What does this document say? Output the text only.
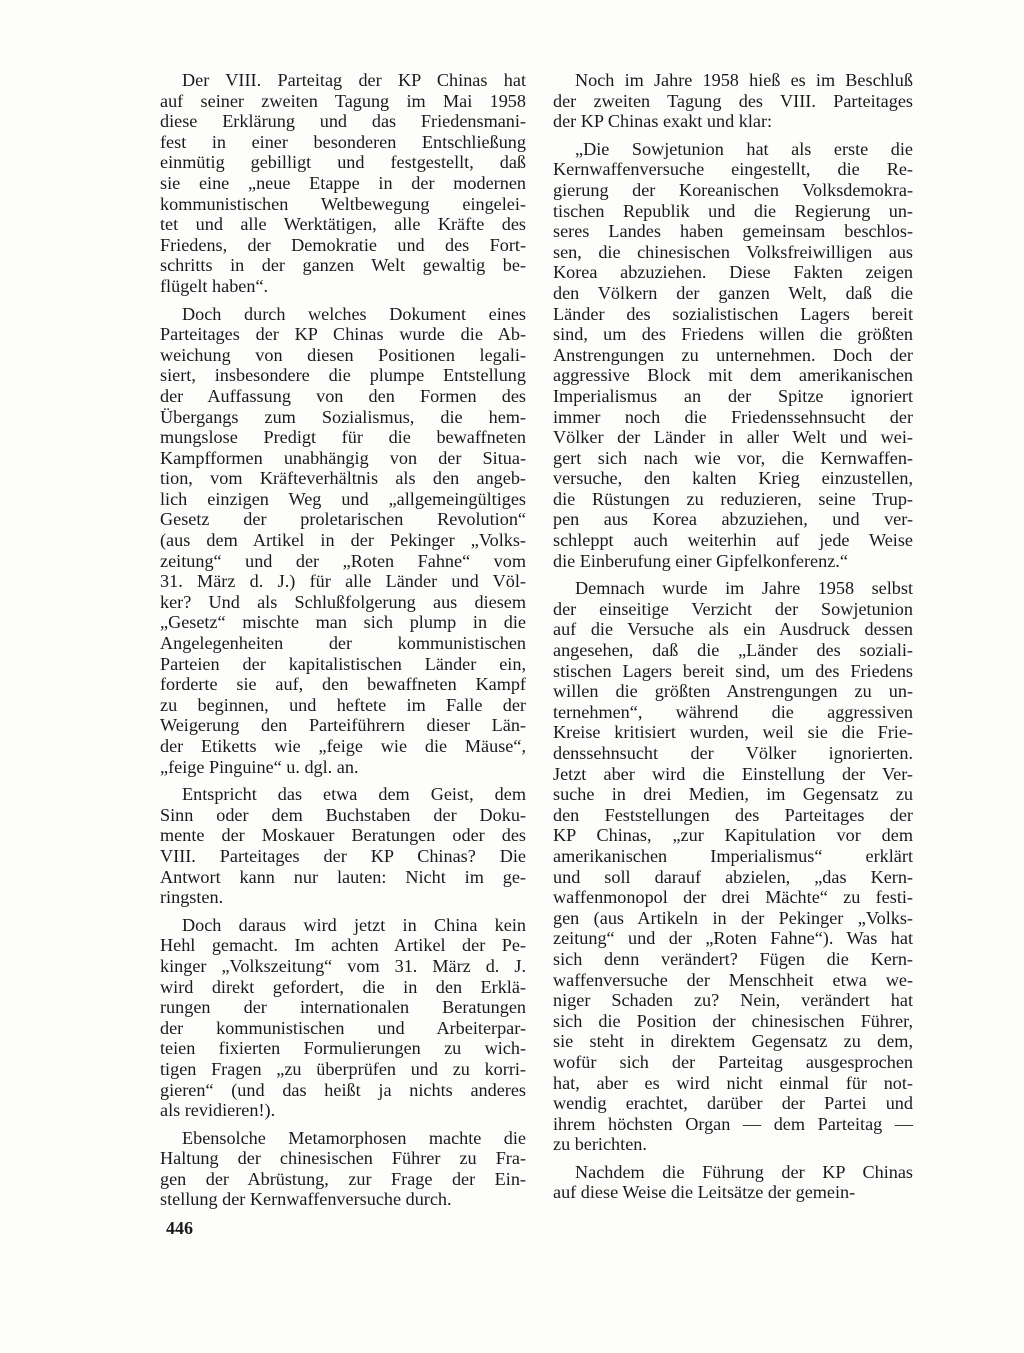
Der VIII. Parteitag der KP Chinas hat
auf seiner zweiten Tagung im Mai 1958
diese Erklärung und das Friedensmani-
fest in einer besonderen Entschließung
einmütig gebilligt und festgestellt, daß
sie eine „neue Etappe in der modernen
kommunistischen Weltbewegung eingelei-
tet und alle Werktätigen, alle Kräfte des
Friedens, der Demokratie und des Fort-
schritts in der ganzen Welt gewaltig be-
flügelt haben“.
Doch durch welches Dokument eines
Parteitages der KP Chinas wurde die Ab-
weichung von diesen Positionen legali-
siert, insbesondere die plumpe Entstellung
der Auffassung von den Formen des
Übergangs zum Sozialismus, die hem-
mungslose Predigt für die bewaffneten
Kampfformen unabhängig von der Situa-
tion, vom Kräfteverhältnis als den angeb-
lich einzigen Weg und „allgemeingültiges
Gesetz der proletarischen Revolution“
(aus dem Artikel in der Pekinger „Volks-
zeitung“ und der „Roten Fahne“ vom
31. März d. J.) für alle Länder und Völ-
ker? Und als Schlußfolgerung aus diesem
„Gesetz“ mischte man sich plump in die
Angelegenheiten der kommunistischen
Parteien der kapitalistischen Länder ein,
forderte sie auf, den bewaffneten Kampf
zu beginnen, und heftete im Falle der
Weigerung den Parteiführern dieser Län-
der Etiketts wie „feige wie die Mäuse“,
„feige Pinguine“ u. dgl. an.
Entspricht das etwa dem Geist, dem
Sinn oder dem Buchstaben der Doku-
mente der Moskauer Beratungen oder des
VIII. Parteitages der KP Chinas? Die
Antwort kann nur lauten: Nicht im ge-
ringsten.
Doch daraus wird jetzt in China kein
Hehl gemacht. Im achten Artikel der Pe-
kinger „Volkszeitung“ vom 31. März d. J.
wird direkt gefordert, die in den Erklä-
rungen der internationalen Beratungen
der kommunistischen und Arbeiterpar-
teien fixierten Formulierungen zu wich-
tigen Fragen „zu überprüfen und zu korri-
gieren“ (und das heißt ja nichts anderes
als revidieren!).
Ebensolche Metamorphosen machte die
Haltung der chinesischen Führer zu Fra-
gen der Abrüstung, zur Frage der Ein-
stellung der Kernwaffenversuche durch.
Noch im Jahre 1958 hieß es im Beschluß
der zweiten Tagung des VIII. Parteitages
der KP Chinas exakt und klar:
„Die Sowjetunion hat als erste die
Kernwaffenversuche eingestellt, die Re-
gierung der Koreanischen Volksdemokra-
tischen Republik und die Regierung un-
seres Landes haben gemeinsam beschlos-
sen, die chinesischen Volksfreiwilligen aus
Korea abzuziehen. Diese Fakten zeigen
den Völkern der ganzen Welt, daß die
Länder des sozialistischen Lagers bereit
sind, um des Friedens willen die größten
Anstrengungen zu unternehmen. Doch der
aggressive Block mit dem amerikanischen
Imperialismus an der Spitze ignoriert
immer noch die Friedenssehnsucht der
Völker der Länder in aller Welt und wei-
gert sich nach wie vor, die Kernwaffen-
versuche, den kalten Krieg einzustellen,
die Rüstungen zu reduzieren, seine Trup-
pen aus Korea abzuziehen, und ver-
schleppt auch weiterhin auf jede Weise
die Einberufung einer Gipfelkonferenz.“
Demnach wurde im Jahre 1958 selbst
der einseitige Verzicht der Sowjetunion
auf die Versuche als ein Ausdruck dessen
angesehen, daß die „Länder des soziali-
stischen Lagers bereit sind, um des Friedens
willen die größten Anstrengungen zu un-
ternehmen“, während die aggressiven
Kreise kritisiert wurden, weil sie die Frie-
denssehnsucht der Völker ignorierten.
Jetzt aber wird die Einstellung der Ver-
suche in drei Medien, im Gegensatz zu
den Feststellungen des Parteitages der
KP Chinas, „zur Kapitulation vor dem
amerikanischen Imperialismus“ erklärt
und soll darauf abzielen, „das Kern-
waffenmonopol der drei Mächte“ zu festi-
gen (aus Artikeln in der Pekinger „Volks-
zeitung“ und der „Roten Fahne“). Was hat
sich denn verändert? Fügen die Kern-
waffenversuche der Menschheit etwa we-
niger Schaden zu? Nein, verändert hat
sich die Position der chinesischen Führer,
sie steht in direktem Gegensatz zu dem,
wofür sich der Parteitag ausgesprochen
hat, aber es wird nicht einmal für not-
wendig erachtet, darüber der Partei und
ihrem höchsten Organ — dem Parteitag —
zu berichten.
Nachdem die Führung der KP Chinas
auf diese Weise die Leitsätze der gemein-
446
